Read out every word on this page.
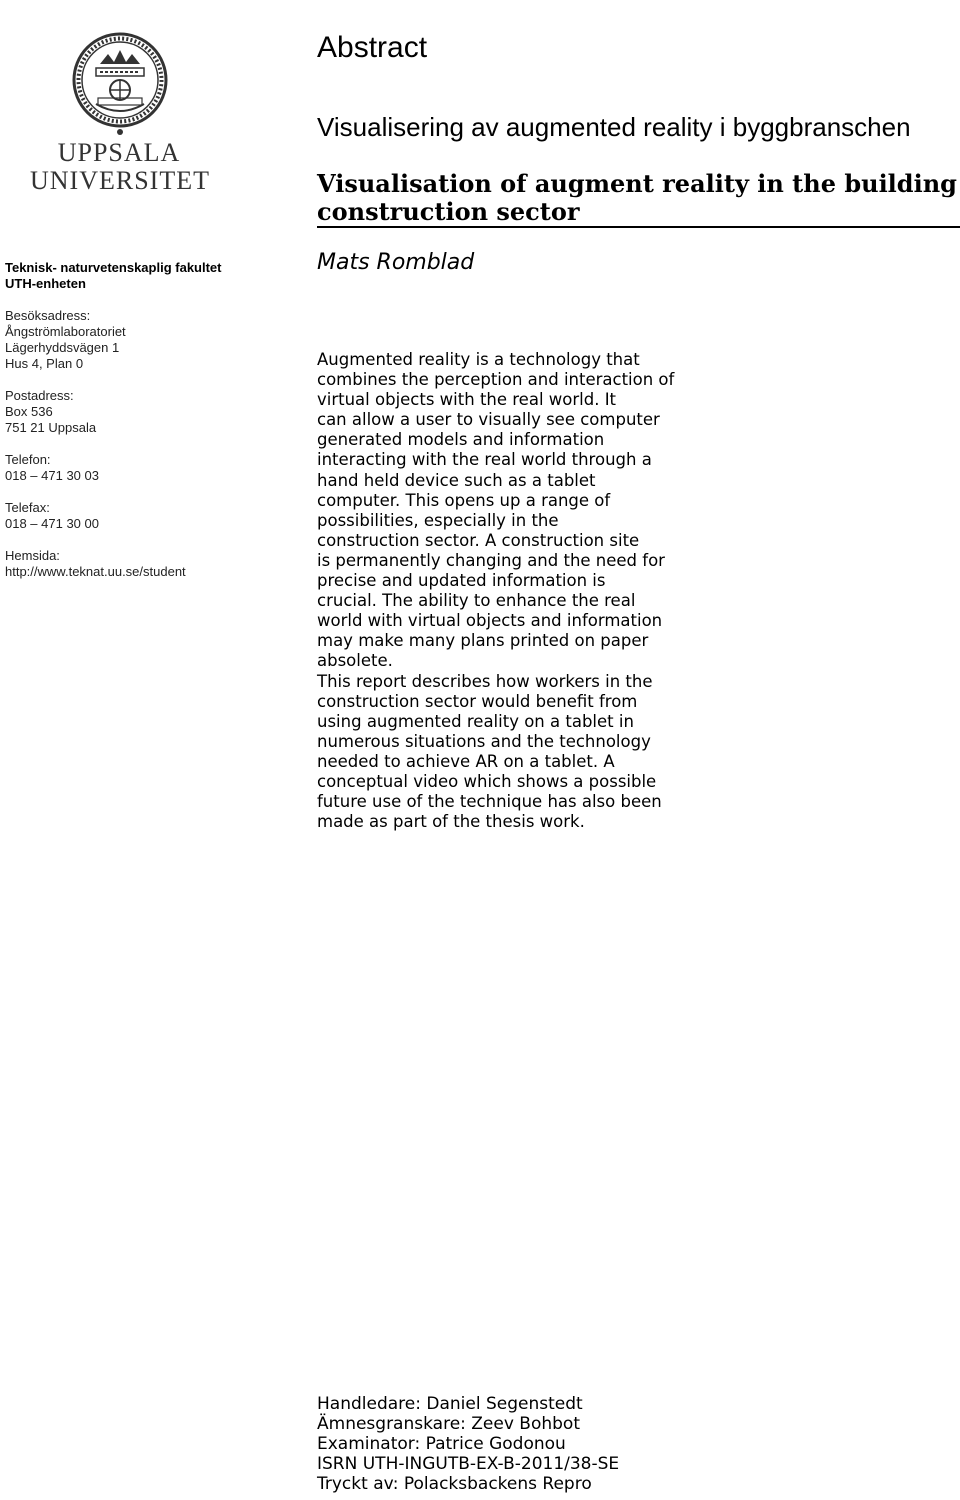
UPPSALA
UNIVERSITET
Teknisk- naturvetenskaplig fakultet
UTH-enheten
Besöksadress:
Ångströmlaboratoriet
Lägerhyddsvägen 1
Hus 4, Plan 0
Postadress:
Box 536
751 21 Uppsala
Telefon:
018 – 471 30 03
Telefax:
018 – 471 30 00
Hemsida:
http://www.teknat.uu.se/student
Abstract
Visualisering av augmented reality i byggbranschen
Visualisation of augment reality in the building
construction sector
Mats Romblad
Augmented reality is a technology that
combines the perception and interaction of
virtual objects with the real world. It
can allow a user to visually see computer
generated models and information
interacting with the real world through a
hand held device such as a tablet
computer. This opens up a range of
possibilities, especially in the
construction sector. A construction site
is permanently changing and the need for
precise and updated information is
crucial. The ability to enhance the real
world with virtual objects and information
may make many plans printed on paper
absolete.
This report describes how workers in the
construction sector would benefit from
using augmented reality on a tablet in
numerous situations and the technology
needed to achieve AR on a tablet. A
conceptual video which shows a possible
future use of the technique has also been
made as part of the thesis work.
Handledare: Daniel Segenstedt
Ämnesgranskare: Zeev Bohbot
Examinator: Patrice Godonou
ISRN UTH-INGUTB-EX-B-2011/38-SE
Tryckt av: Polacksbackens Repro
